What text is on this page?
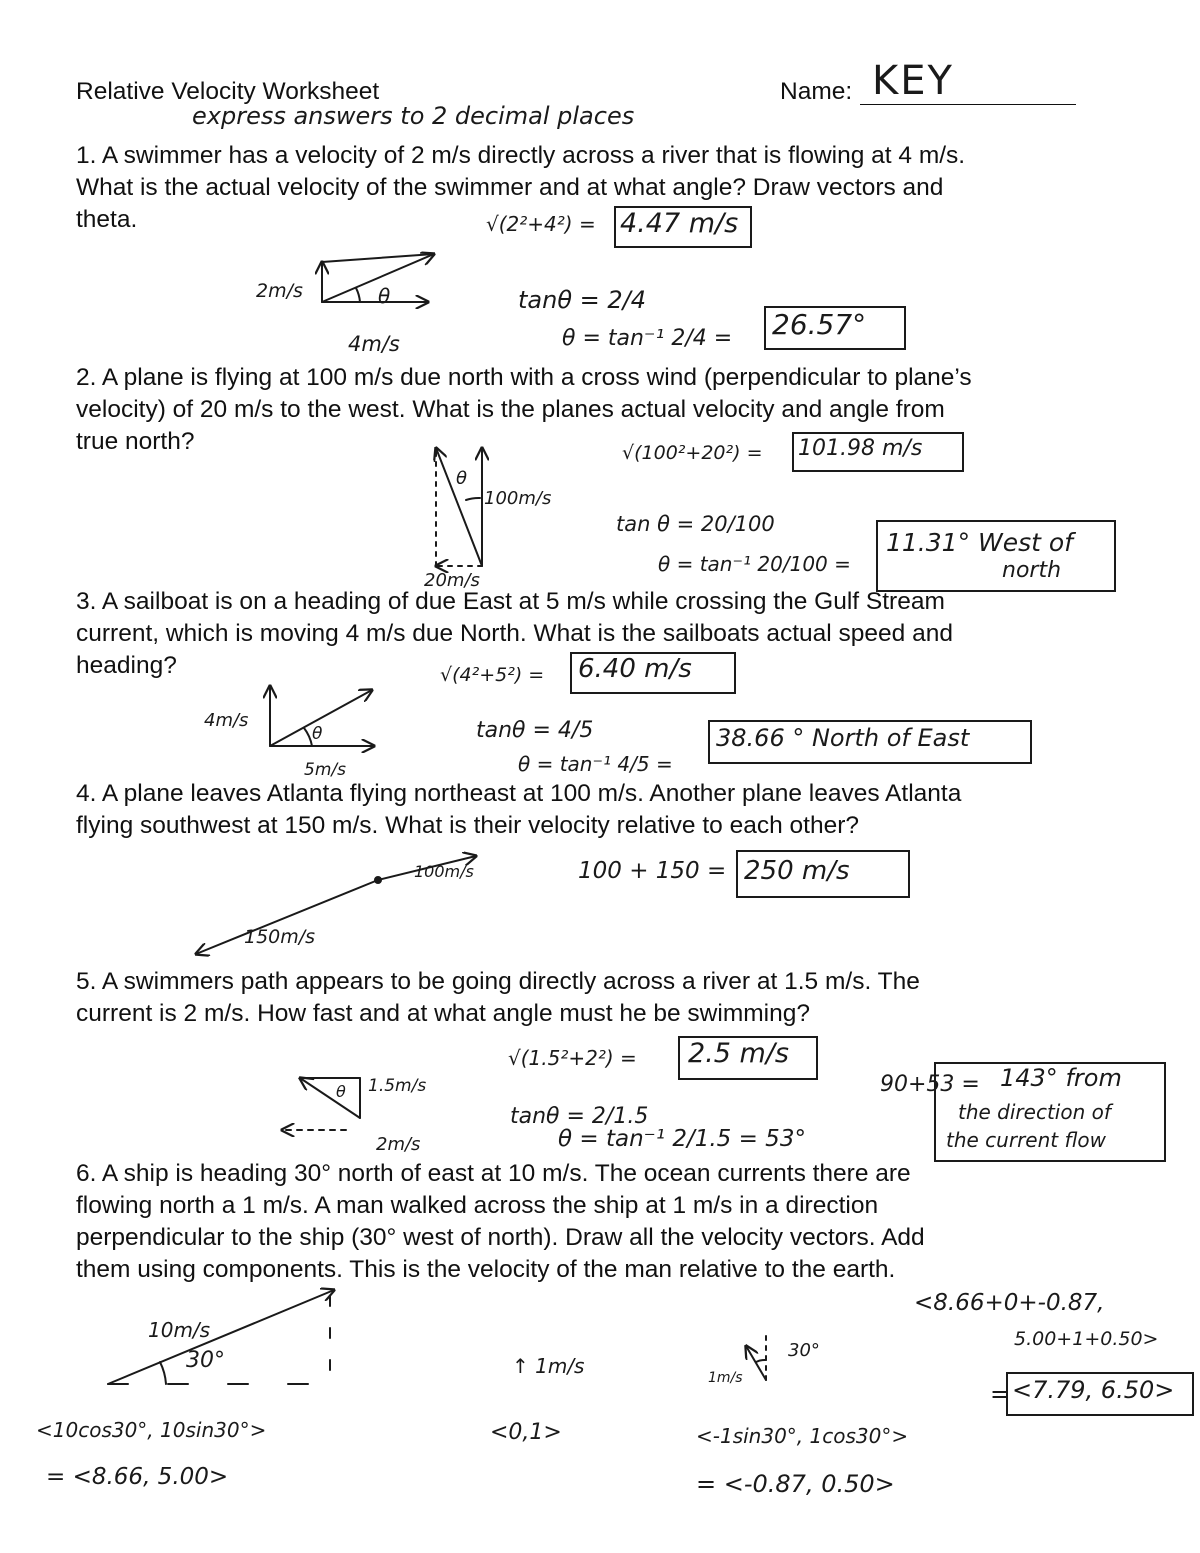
Relative Velocity Worksheet	Name: KEY
express answers to 2 decimal places
1. A swimmer has a velocity of 2 m/s directly across a river that is flowing at 4 m/s.
What is the actual velocity of the swimmer and at what angle? Draw vectors and
theta.	√(2²+4²) = 4.47 m/s
2m/s
4m/s
θ	tanθ = 2/4
θ = tan⁻¹ 2/4 = 26.57°
2. A plane is flying at 100 m/s due north with a cross wind (perpendicular to plane’s
velocity) of 20 m/s to the west. What is the planes actual velocity and angle from
true north?	√(100²+20²) = 101.98 m/s
θ
100m/s
20m/s
tan θ = 20/100
θ = tan⁻¹ 20/100 =
11.31° West of
north
3. A sailboat is on a heading of due East at 5 m/s while crossing the Gulf Stream
current, which is moving 4 m/s due North. What is the sailboats actual speed and
heading?	√(4²+5²) = 6.40 m/s
4m/s
5m/s
θ	tanθ = 4/5
θ = tan⁻¹ 4/5 =
38.66 ° North of East
4. A plane leaves Atlanta flying northeast at 100 m/s. Another plane leaves Atlanta
flying southwest at 150 m/s. What is their velocity relative to each other?
100m/s
150m/s
100 + 150 = 250 m/s
5. A swimmers path appears to be going directly across a river at 1.5 m/s. The
current is 2 m/s. How fast and at what angle must he be swimming?
√(1.5²+2²) = 2.5 m/s
1.5m/s
θ
2m/s
tanθ = 2/1.5
θ = tan⁻¹ 2/1.5 = 53°
90+53 = 143° from
the direction of
the current flow
6. A ship is heading 30° north of east at 10 m/s. The ocean currents there are
flowing north a 1 m/s. A man walked across the ship at 1 m/s in a direction
perpendicular to the ship (30° west of north). Draw all the velocity vectors. Add
them using components. This is the velocity of the man relative to the earth.
10m/s
30°
<10cos30°, 10sin30°>
= <8.66, 5.00>
↑ 1m/s
<0,1>
1m/s
30°
<-1sin30°, 1cos30°>
= <-0.87, 0.50>
<8.66+0+-0.87,
5.00+1+0.50>
= <7.79, 6.50>
